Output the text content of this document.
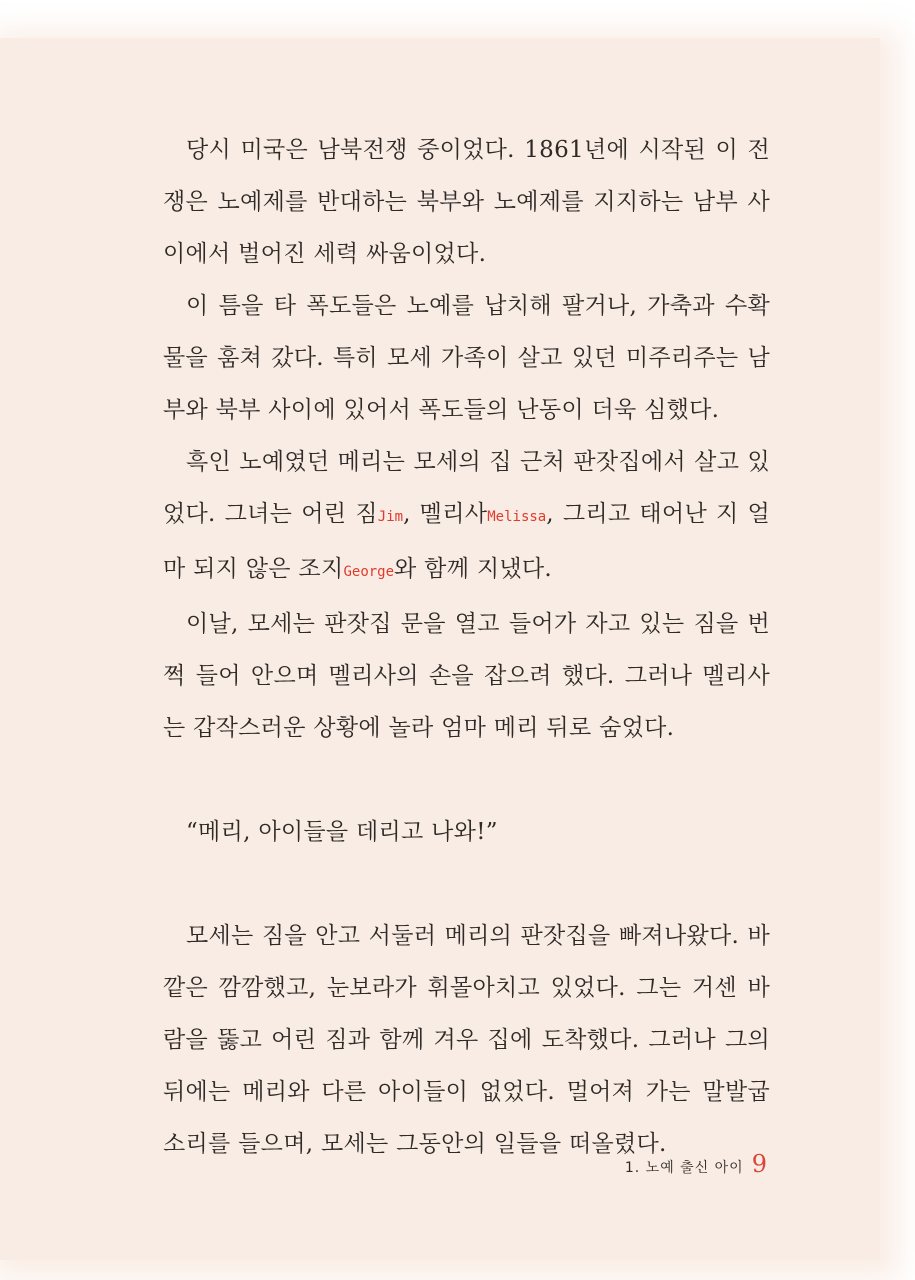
당시 미국은 남북전쟁 중이었다. 1861년에 시작된 이 전쟁은 노예제를 반대하는 북부와 노예제를 지지하는 남부 사이에서 벌어진 세력 싸움이었다.

이 틈을 타 폭도들은 노예를 납치해 팔거나, 가축과 수확물을 훔쳐 갔다. 특히 모세 가족이 살고 있던 미주리주는 남부와 북부 사이에 있어서 폭도들의 난동이 더욱 심했다.

흑인 노예였던 메리는 모세의 집 근처 판잣집에서 살고 있었다. 그녀는 어린 짐Jim, 멜리사Melissa, 그리고 태어난 지 얼마 되지 않은 조지George와 함께 지냈다.

이날, 모세는 판잣집 문을 열고 들어가 자고 있는 짐을 번쩍 들어 안으며 멜리사의 손을 잡으려 했다. 그러나 멜리사는 갑작스러운 상황에 놀라 엄마 메리 뒤로 숨었다.

“메리, 아이들을 데리고 나와!”

모세는 짐을 안고 서둘러 메리의 판잣집을 빠져나왔다. 바깥은 깜깜했고, 눈보라가 휘몰아치고 있었다. 그는 거센 바람을 뚫고 어린 짐과 함께 겨우 집에 도착했다. 그러나 그의 뒤에는 메리와 다른 아이들이 없었다. 멀어져 가는 말발굽 소리를 들으며, 모세는 그동안의 일들을 떠올렸다.

1. 노예 출신 아이 9
